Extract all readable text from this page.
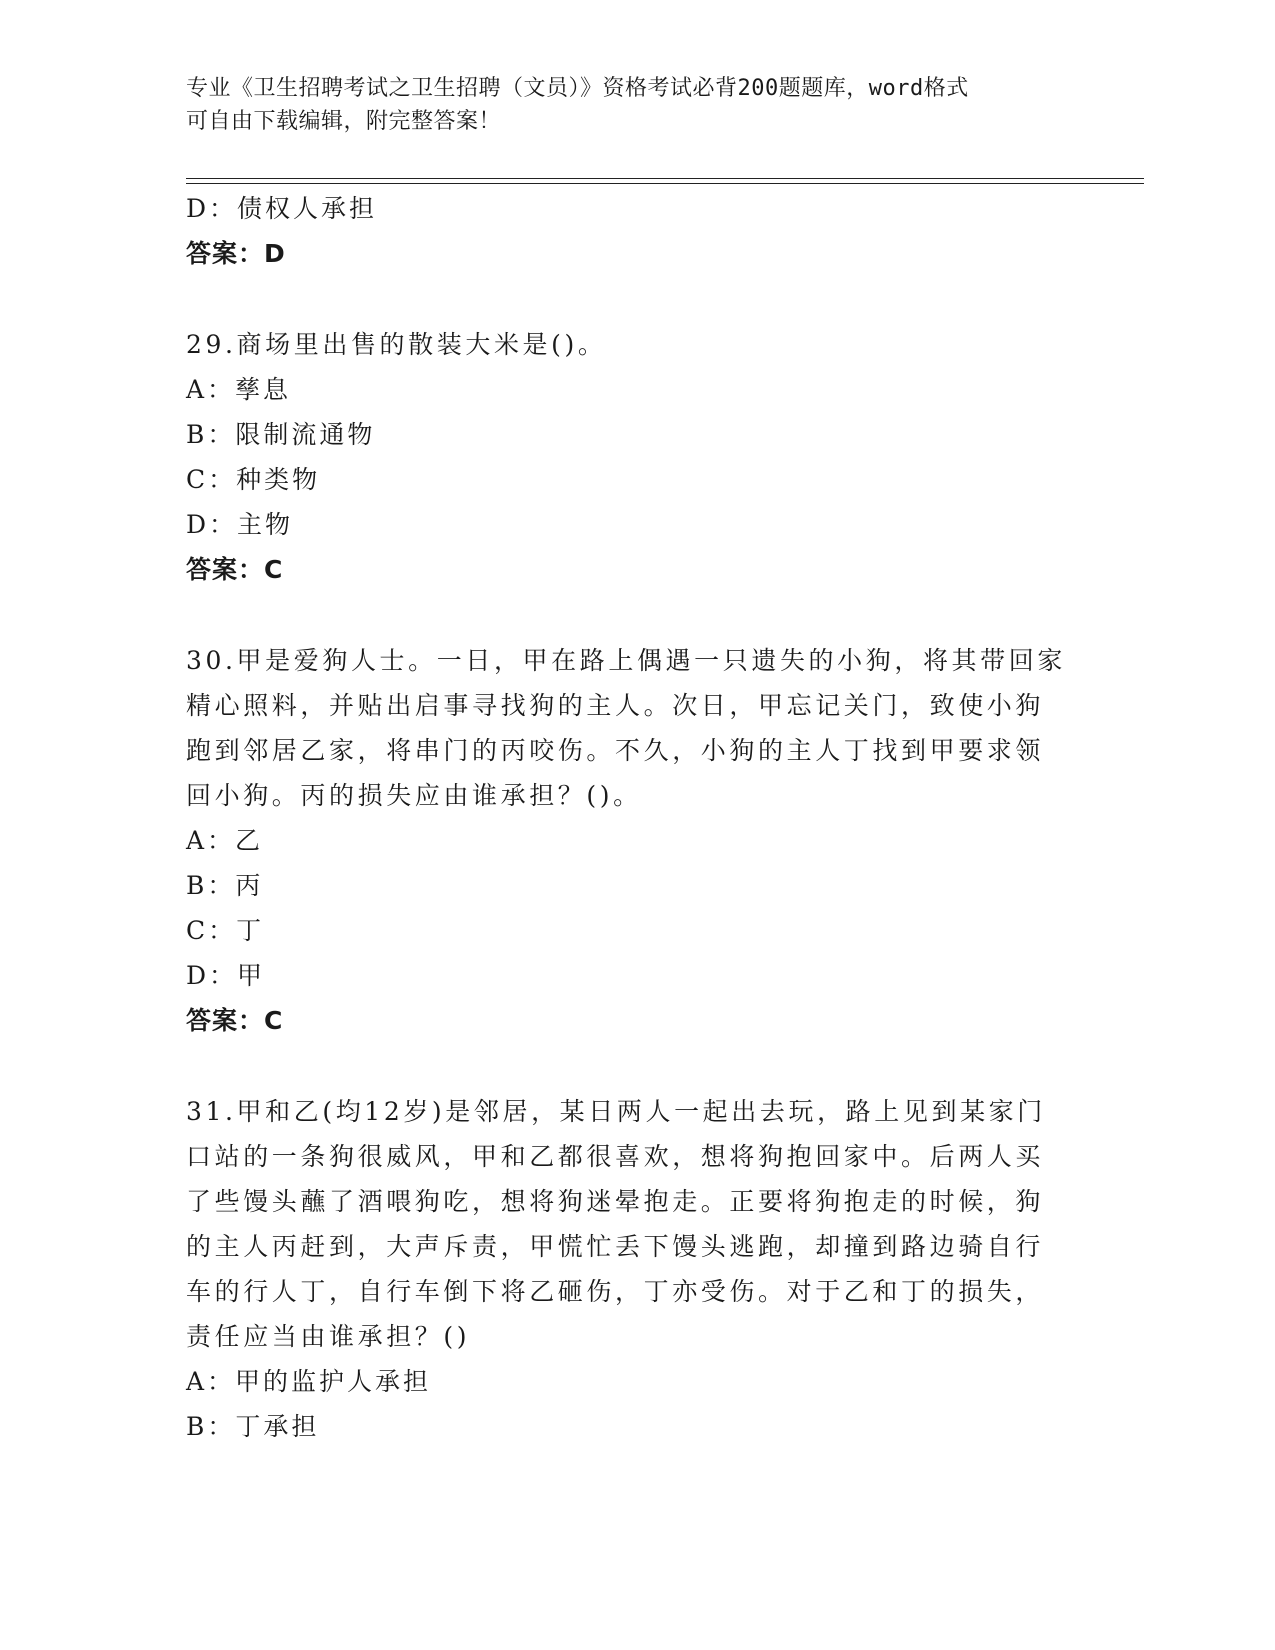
专业《卫生招聘考试之卫生招聘（文员）》资格考试必背200题题库，word格式
可自由下载编辑，附完整答案！
D：债权人承担
答案：D
29.商场里出售的散装大米是()。
A：孳息
B：限制流通物
C：种类物
D：主物
答案：C
30.甲是爱狗人士。一日，甲在路上偶遇一只遗失的小狗，将其带回家
精心照料，并贴出启事寻找狗的主人。次日，甲忘记关门，致使小狗
跑到邻居乙家，将串门的丙咬伤。不久，小狗的主人丁找到甲要求领
回小狗。丙的损失应由谁承担？()。
A：乙
B：丙
C：丁
D：甲
答案：C
31.甲和乙(均12岁)是邻居，某日两人一起出去玩，路上见到某家门
口站的一条狗很威风，甲和乙都很喜欢，想将狗抱回家中。后两人买
了些馒头蘸了酒喂狗吃，想将狗迷晕抱走。正要将狗抱走的时候，狗
的主人丙赶到，大声斥责，甲慌忙丢下馒头逃跑，却撞到路边骑自行
车的行人丁，自行车倒下将乙砸伤，丁亦受伤。对于乙和丁的损失，
责任应当由谁承担？()
A：甲的监护人承担
B：丁承担
